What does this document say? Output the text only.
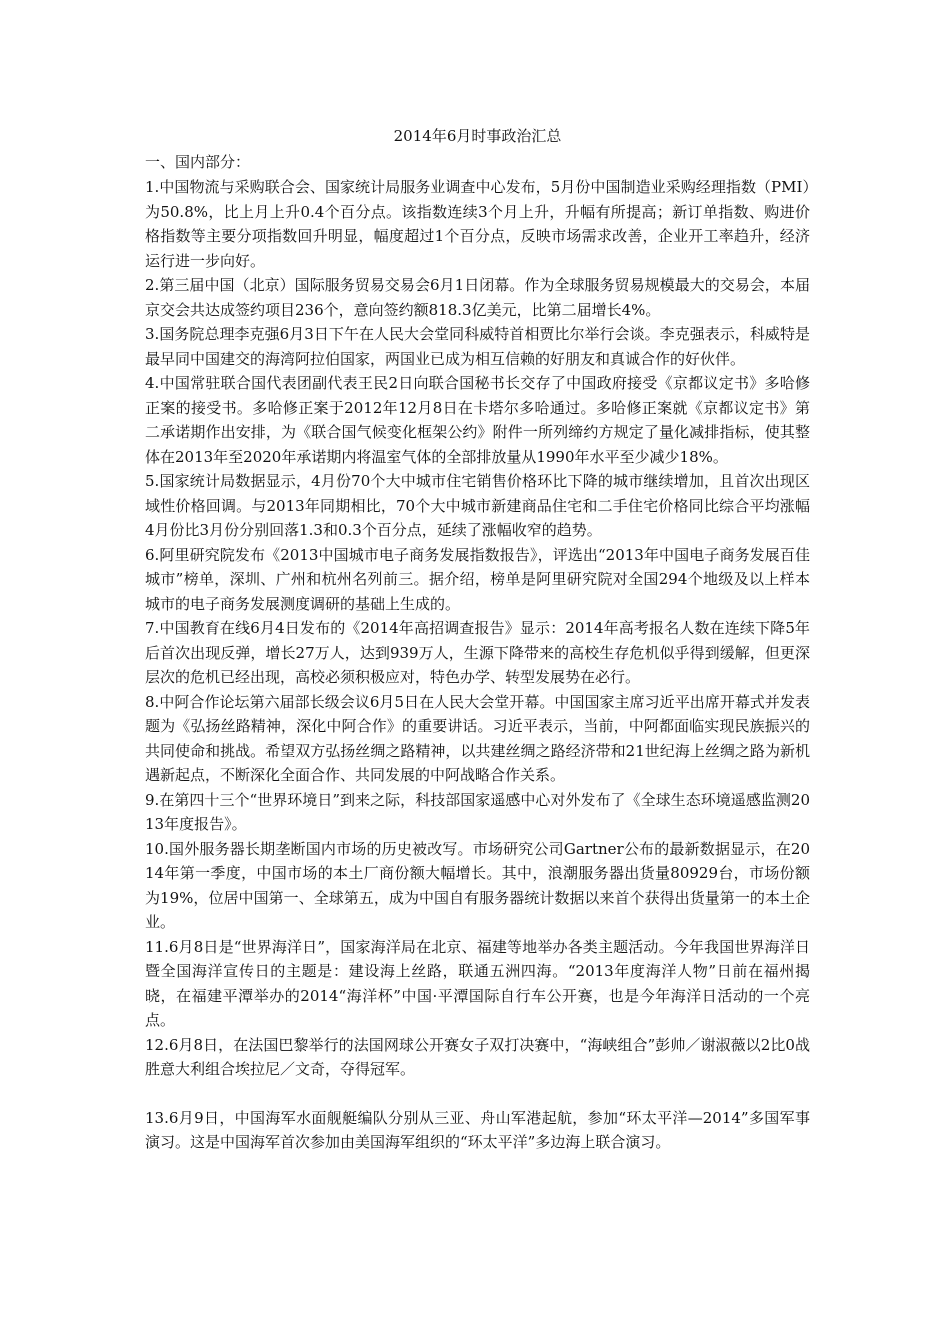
2014年6月时事政治汇总
一、国内部分：
1.中国物流与采购联合会、国家统计局服务业调查中心发布，5月份中国制造业采购经理指数（PMI）为50.8%，比上月上升0.4个百分点。该指数连续3个月上升，升幅有所提高；新订单指数、购进价格指数等主要分项指数回升明显，幅度超过1个百分点，反映市场需求改善，企业开工率趋升，经济运行进一步向好。
2.第三届中国（北京）国际服务贸易交易会6月1日闭幕。作为全球服务贸易规模最大的交易会，本届京交会共达成签约项目236个，意向签约额818.3亿美元，比第二届增长4%。
3.国务院总理李克强6月3日下午在人民大会堂同科威特首相贾比尔举行会谈。李克强表示，科威特是最早同中国建交的海湾阿拉伯国家，两国业已成为相互信赖的好朋友和真诚合作的好伙伴。
4.中国常驻联合国代表团副代表王民2日向联合国秘书长交存了中国政府接受《京都议定书》多哈修正案的接受书。多哈修正案于2012年12月8日在卡塔尔多哈通过。多哈修正案就《京都议定书》第二承诺期作出安排，为《联合国气候变化框架公约》附件一所列缔约方规定了量化减排指标，使其整体在2013年至2020年承诺期内将温室气体的全部排放量从1990年水平至少减少18%。
5.国家统计局数据显示，4月份70个大中城市住宅销售价格环比下降的城市继续增加，且首次出现区域性价格回调。与2013年同期相比，70个大中城市新建商品住宅和二手住宅价格同比综合平均涨幅4月份比3月份分别回落1.3和0.3个百分点，延续了涨幅收窄的趋势。
6.阿里研究院发布《2013中国城市电子商务发展指数报告》，评选出“2013年中国电子商务发展百佳城市”榜单，深圳、广州和杭州名列前三。据介绍，榜单是阿里研究院对全国294个地级及以上样本城市的电子商务发展测度调研的基础上生成的。
7.中国教育在线6月4日发布的《2014年高招调查报告》显示：2014年高考报名人数在连续下降5年后首次出现反弹，增长27万人，达到939万人，生源下降带来的高校生存危机似乎得到缓解，但更深层次的危机已经出现，高校必须积极应对，特色办学、转型发展势在必行。
8.中阿合作论坛第六届部长级会议6月5日在人民大会堂开幕。中国国家主席习近平出席开幕式并发表题为《弘扬丝路精神，深化中阿合作》的重要讲话。习近平表示，当前，中阿都面临实现民族振兴的共同使命和挑战。希望双方弘扬丝绸之路精神，以共建丝绸之路经济带和21世纪海上丝绸之路为新机遇新起点，不断深化全面合作、共同发展的中阿战略合作关系。
9.在第四十三个“世界环境日”到来之际，科技部国家遥感中心对外发布了《全球生态环境遥感监测2013年度报告》。
10.国外服务器长期垄断国内市场的历史被改写。市场研究公司Gartner公布的最新数据显示，在2014年第一季度，中国市场的本土厂商份额大幅增长。其中，浪潮服务器出货量80929台，市场份额为19%，位居中国第一、全球第五，成为中国自有服务器统计数据以来首个获得出货量第一的本土企业。
11.6月8日是“世界海洋日”，国家海洋局在北京、福建等地举办各类主题活动。今年我国世界海洋日暨全国海洋宣传日的主题是：建设海上丝路，联通五洲四海。“2013年度海洋人物”日前在福州揭晓，在福建平潭举办的2014“海洋杯”中国·平潭国际自行车公开赛，也是今年海洋日活动的一个亮点。
12.6月8日，在法国巴黎举行的法国网球公开赛女子双打决赛中，“海峡组合”彭帅／谢淑薇以2比0战胜意大利组合埃拉尼／文奇，夺得冠军。
13.6月9日，中国海军水面舰艇编队分别从三亚、舟山军港起航，参加“环太平洋—2014”多国军事演习。这是中国海军首次参加由美国海军组织的“环太平洋”多边海上联合演习。
